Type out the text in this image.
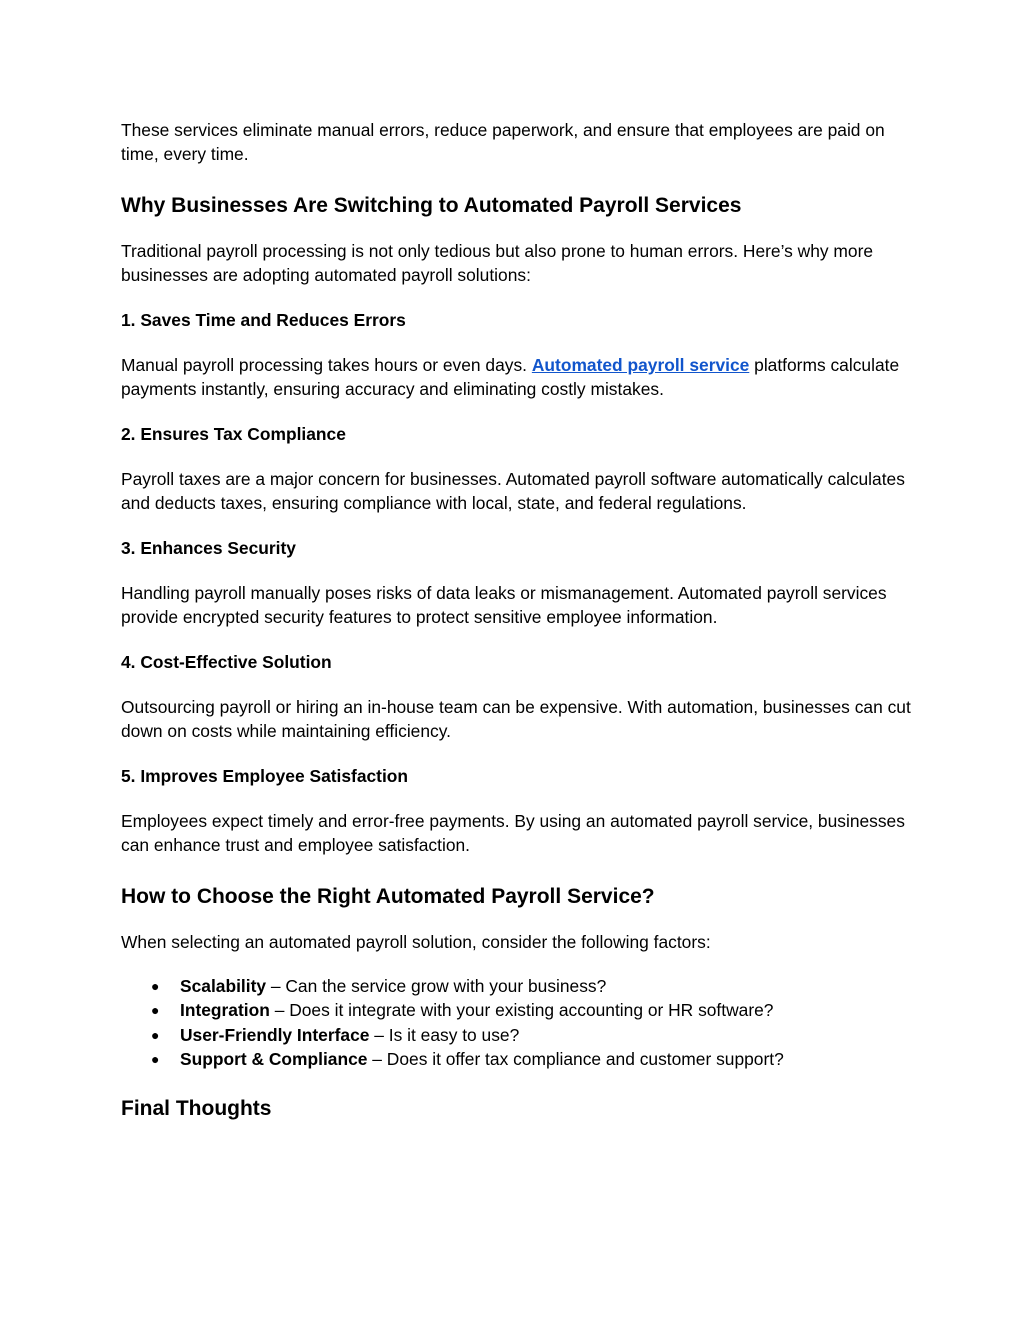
These services eliminate manual errors, reduce paperwork, and ensure that employees are paid on time, every time.

Why Businesses Are Switching to Automated Payroll Services

Traditional payroll processing is not only tedious but also prone to human errors. Here’s why more businesses are adopting automated payroll solutions:

1. Saves Time and Reduces Errors

Manual payroll processing takes hours or even days. Automated payroll service platforms calculate payments instantly, ensuring accuracy and eliminating costly mistakes.

2. Ensures Tax Compliance

Payroll taxes are a major concern for businesses. Automated payroll software automatically calculates and deducts taxes, ensuring compliance with local, state, and federal regulations.

3. Enhances Security

Handling payroll manually poses risks of data leaks or mismanagement. Automated payroll services provide encrypted security features to protect sensitive employee information.

4. Cost-Effective Solution

Outsourcing payroll or hiring an in-house team can be expensive. With automation, businesses can cut down on costs while maintaining efficiency.

5. Improves Employee Satisfaction

Employees expect timely and error-free payments. By using an automated payroll service, businesses can enhance trust and employee satisfaction.

How to Choose the Right Automated Payroll Service?

When selecting an automated payroll solution, consider the following factors:

● Scalability – Can the service grow with your business?
● Integration – Does it integrate with your existing accounting or HR software?
● User-Friendly Interface – Is it easy to use?
● Support & Compliance – Does it offer tax compliance and customer support?
Final Thoughts
